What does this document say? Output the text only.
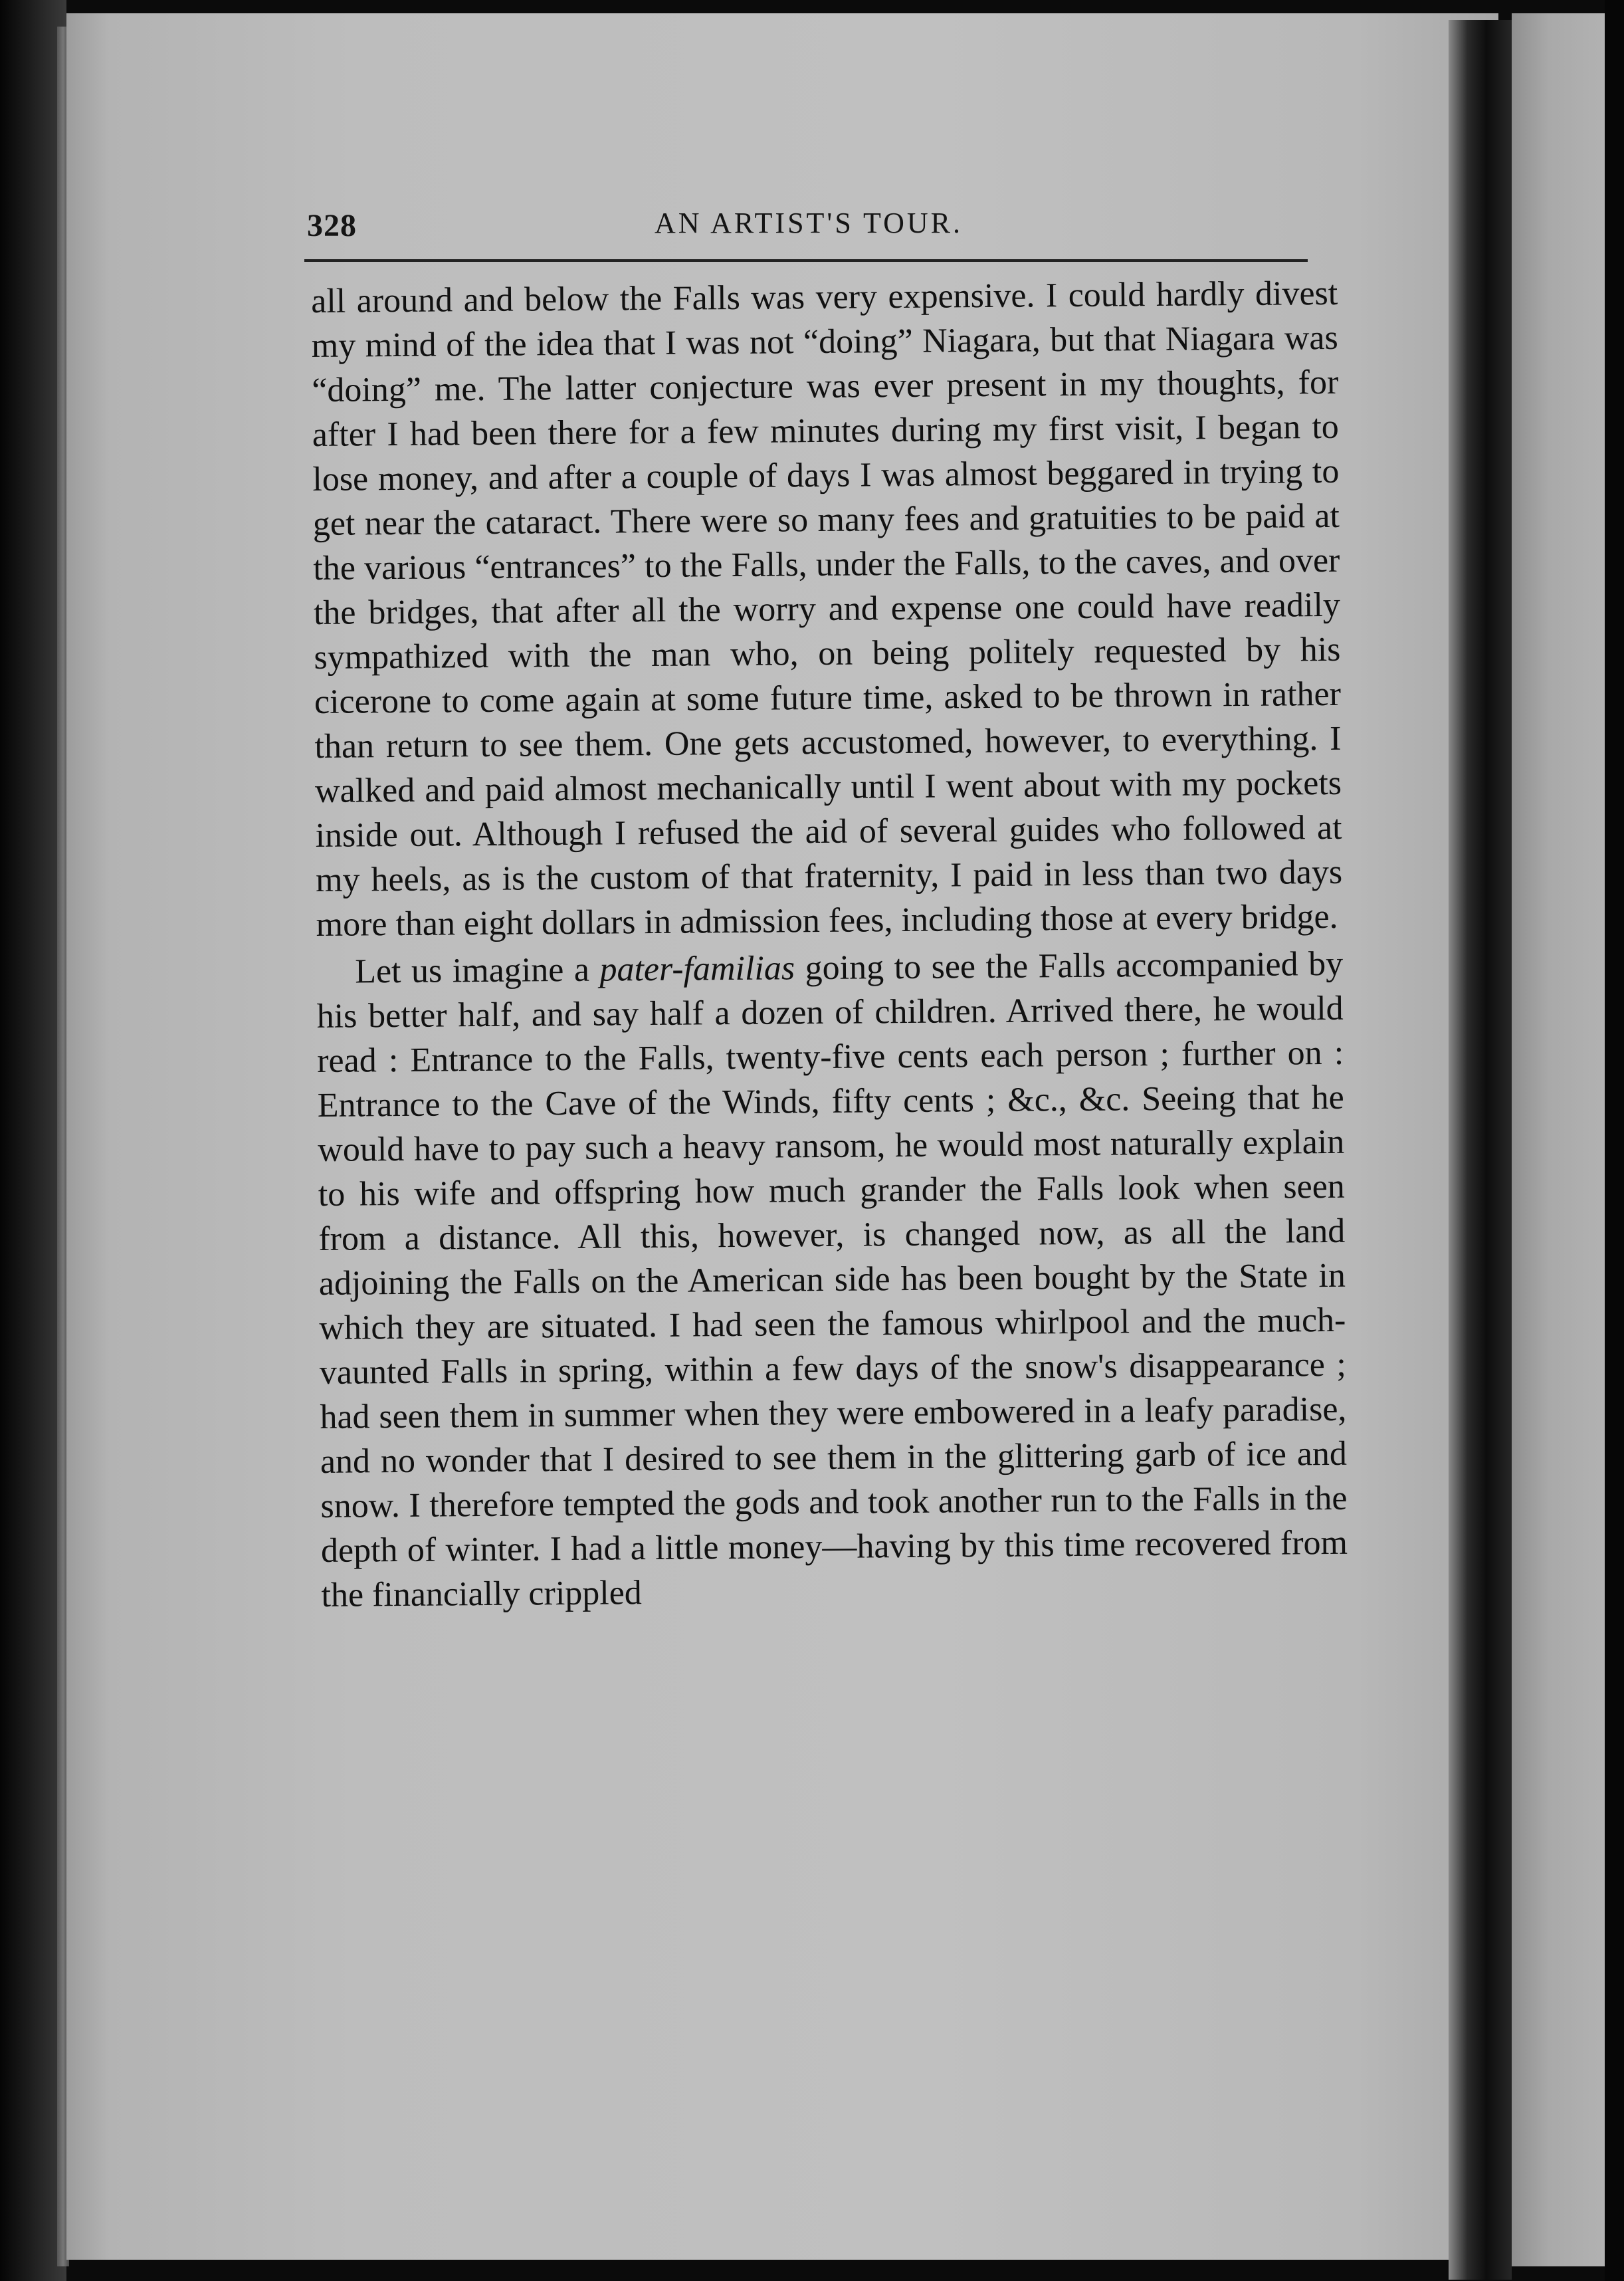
328	AN ARTIST'S TOUR.

all around and below the Falls was very expensive. I could hardly divest my mind of the idea that I was not “doing” Niagara, but that Niagara was “doing” me. The latter conjecture was ever present in my thoughts, for after I had been there for a few minutes during my first visit, I began to lose money, and after a couple of days I was almost beggared in trying to get near the cataract. There were so many fees and gratuities to be paid at the various “entrances” to the Falls, under the Falls, to the caves, and over the bridges, that after all the worry and expense one could have readily sympathized with the man who, on being politely requested by his cicerone to come again at some future time, asked to be thrown in rather than return to see them. One gets accustomed, however, to everything. I walked and paid almost mechanically until I went about with my pockets inside out. Although I refused the aid of several guides who followed at my heels, as is the custom of that fraternity, I paid in less than two days more than eight dollars in admission fees, including those at every bridge.

Let us imagine a pater-familias going to see the Falls accompanied by his better half, and say half a dozen of children. Arrived there, he would read : Entrance to the Falls, twenty-five cents each person ; further on : Entrance to the Cave of the Winds, fifty cents ; &c., &c. Seeing that he would have to pay such a heavy ransom, he would most naturally explain to his wife and offspring how much grander the Falls look when seen from a distance. All this, however, is changed now, as all the land adjoining the Falls on the American side has been bought by the State in which they are situated. I had seen the famous whirlpool and the much-vaunted Falls in spring, within a few days of the snow's disappearance ; had seen them in summer when they were embowered in a leafy paradise, and no wonder that I desired to see them in the glittering garb of ice and snow. I therefore tempted the gods and took another run to the Falls in the depth of winter. I had a little money—having by this time recovered from the financially crippled
